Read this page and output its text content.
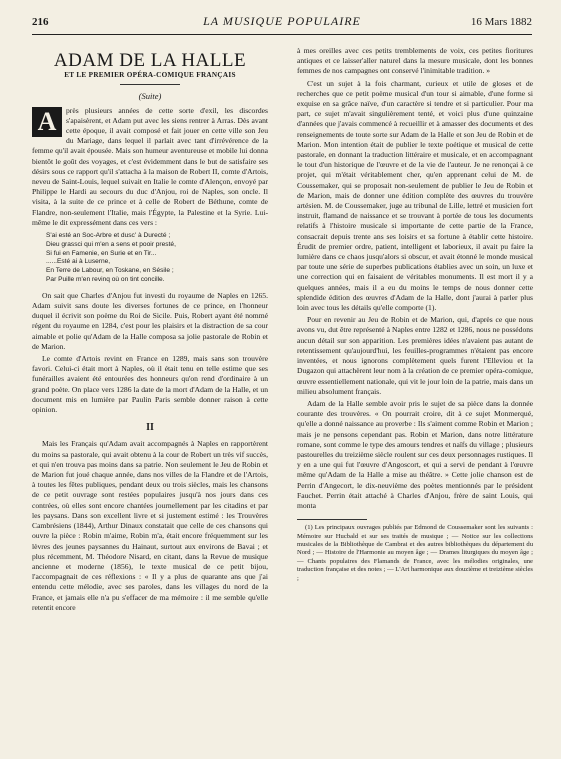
216	LA MUSIQUE POPULAIRE	16 Mars 1882
ADAM DE LA HALLE
ET LE PREMIER OPÉRA-COMIQUE FRANÇAIS
(Suite)

A	près plusieurs années de cette sorte d'exil, les discordes s'apaisèrent, et Adam put avec les siens rentrer à Arras. Dès avant cette époque, il avait composé et fait jouer en cette ville son Jeu du Mariage, dans lequel il parlait avec tant d'irrévérence de la femme qu'il avait épousée. Mais son humeur aventureuse et mobile lui donna bientôt le goût des voyages, et c'est évidemment dans le but de satisfaire ses désirs sous ce rapport qu'il s'attacha à la maison de Robert II, comte d'Artois, neveu de Saint-Louis, lequel suivait en Italie le comte d'Alençon, envoyé par Philippe le Hardi au secours du duc d'Anjou, roi de Naples, son oncle. Il visita, à la suite de ce prince et à celle de Robert de Béthune, comte de Flandre, non-seulement l'Italie, mais l'Égypte, la Palestine et la Syrie. Lui-même le dit expressément dans ces vers :

S'ai esté an Soc-Arbre et dusc' à Durecté ;
Dieu grassci qui m'en a sens et pooir presté,
Si fui en Famenie, en Surie et en Tir...
......Esté ai à Luserne,
En Terre de Labour, en Toskane, en Sésile ;
Par Puille m'en revinq où on tint concille.

On sait que Charles d'Anjou fut investi du royaume de Naples en 1265. Adam suivit sans doute les diverses fortunes de ce prince, en l'honneur duquel il écrivit son poème du Roi de Sicile. Puis, Robert ayant été nommé régent du royaume en 1284, c'est pour les plaisirs et la distraction de sa cour aimable et polie qu'Adam de la Halle composa sa jolie pastorale de Robin et de Marion.

Le comte d'Artois revint en France en 1289, mais sans son trouvère favori. Celui-ci était mort à Naples, où il était tenu en telle estime que ses funérailles avaient été entourées des honneurs qu'on rend d'ordinaire à un grand poète. On place vers 1286 la date de la mort d'Adam de la Halle, et un document mis en lumière par Paulin Paris semble donner raison à cette opinion.

II

Mais les Français qu'Adam avait accompagnés à Naples en rapportèrent du moins sa pastorale, qui avait obtenu à la cour de Robert un très vif succès, et qui n'en trouva pas moins dans sa patrie. Non seulement le Jeu de Robin et de Marion fut joué chaque année, dans nos villes de la Flandre et de l'Artois, à toutes les fêtes publiques, pendant deux ou trois siècles, mais les chansons de ce petit ouvrage sont restées populaires jusqu'à nos jours dans ces contrées, où elles sont encore chantées journellement par les citadins et par les paysans. Dans son excellent livre et si justement estimé : les Trouvères Cambrésiens (1844), Arthur Dinaux constatait que celle de ces chansons qui ouvre la pièce : Robin m'aime, Robin m'a, était encore fréquemment sur les lèvres des jeunes paysannes du Hainaut, surtout aux environs de Bavai ; et plus récemment, M. Théodore Nisard, en citant, dans la Revue de musique ancienne et moderne (1856), le texte musical de ce petit bijou, l'accompagnait de ces réflexions : « Il y a plus de quarante ans que j'ai entendu cette mélodie, avec ses paroles, dans les villages du nord de la France, et jamais elle n'a pu s'effacer de ma mémoire : il me semble qu'elle retentit encore

à mes oreilles avec ces petits tremblements de voix, ces petites fioritures antiques et ce laisser'aller naturel dans la mesure musicale, dont les bonnes femmes de nos campagnes ont conservé l'inimitable tradition. »

C'est un sujet à la fois charmant, curieux et utile de gloses et de recherches que ce petit poème musical d'un tour si aimable, d'une forme si exquise en sa grâce naïve, d'un caractère si tendre et si particulier. Pour ma part, ce sujet m'avait singulièrement tenté, et voici plus d'une quinzaine d'années que j'avais commencé à recueillir et à amasser des documents et des renseignements de toute sorte sur Adam de la Halle et son Jeu de Robin et de Marion. Mon intention était de publier le texte poétique et musical de cette pastorale, en donnant la traduction littéraire et musicale, et en accompagnant le tout d'un historique de l'œuvre et de la vie de l'auteur. Je ne renonçai à ce projet, qui m'était véritablement cher, qu'en apprenant celui de M. de Coussemaker, qui se proposait non-seulement de publier le Jeu de Robin et de Marion, mais de donner une édition complète des œuvres du trouvère artésien. M. de Coussemaker, juge au tribunal de Lille, lettré et musicien fort instruit, flamand de naissance et se trouvant à portée de tous les documents relatifs à l'histoire musicale si importante de cette partie de la France, consacrait depuis trente ans ses loisirs et sa fortune à établir cette histoire. Érudit de premier ordre, patient, intelligent et laborieux, il avait pu faire la lumière dans ce chaos jusqu'alors si obscur, et avait étonné le monde musical par toute une série de superbes publications établies avec un soin, un luxe et une correction qui en faisaient de véritables monuments. Il est mort il y a quelques années, mais il a eu du moins le temps de nous donner cette splendide édition des œuvres d'Adam de la Halle, dont j'aurai à parler plus loin avec tous les détails qu'elle comporte (1).

Pour en revenir au Jeu de Robin et de Marion, qui, d'après ce que nous avons vu, dut être représenté à Naples entre 1282 et 1286, nous ne possédons aucun détail sur son apparition. Les premières idées n'avaient pas autant de retentissement qu'aujourd'hui, les feuilles-programmes n'étaient pas encore inventées, et nous ignorons complètement quels furent l'Elleviou et la Dugazon qui attachèrent leur nom à la création de ce premier opéra-comique, œuvre essentiellement nationale, qui vit le jour loin de la patrie, mais dans un milieu absolument français.

Adam de la Halle semble avoir pris le sujet de sa pièce dans la donnée courante des trouvères. « On pourrait croire, dit à ce sujet Monmerqué, qu'elle a donné naissance au proverbe : Ils s'aiment comme Robin et Marion ; mais je ne pensons cependant pas. Robin et Marion, dans notre littérature romane, sont comme le type des amours tendres et naïfs du village ; plusieurs pastourelles du treizième siècle roulent sur ces deux personnages rustiques. Il y en a une qui fut l'œuvre d'Angoscort, et qui a servi de pendant à l'œuvre même qu'Adam de la Halle a mise au théâtre. » Cette jolie chanson est de Perrin d'Angecort, le dix-neuvième des poètes mentionnés par le président Fauchet. Perrin était attaché à Charles d'Anjou, frère de saint Louis, qui monta

(1) Les principaux ouvrages publiés par Edmond de Coussemaker sont les suivants : Mémoire sur Hucbald et sur ses traités de musique ; — Notice sur les collections musicales de la Bibliothèque de Cambrai et des autres bibliothèques du département du Nord ; — Histoire de l'Harmonie au moyen âge ; — Drames liturgiques du moyen âge ; — Chants populaires des Flamands de France, avec les mélodies originales, une traduction française et des notes ; — L'Art harmonique aux douzième et treizième siècles ;
